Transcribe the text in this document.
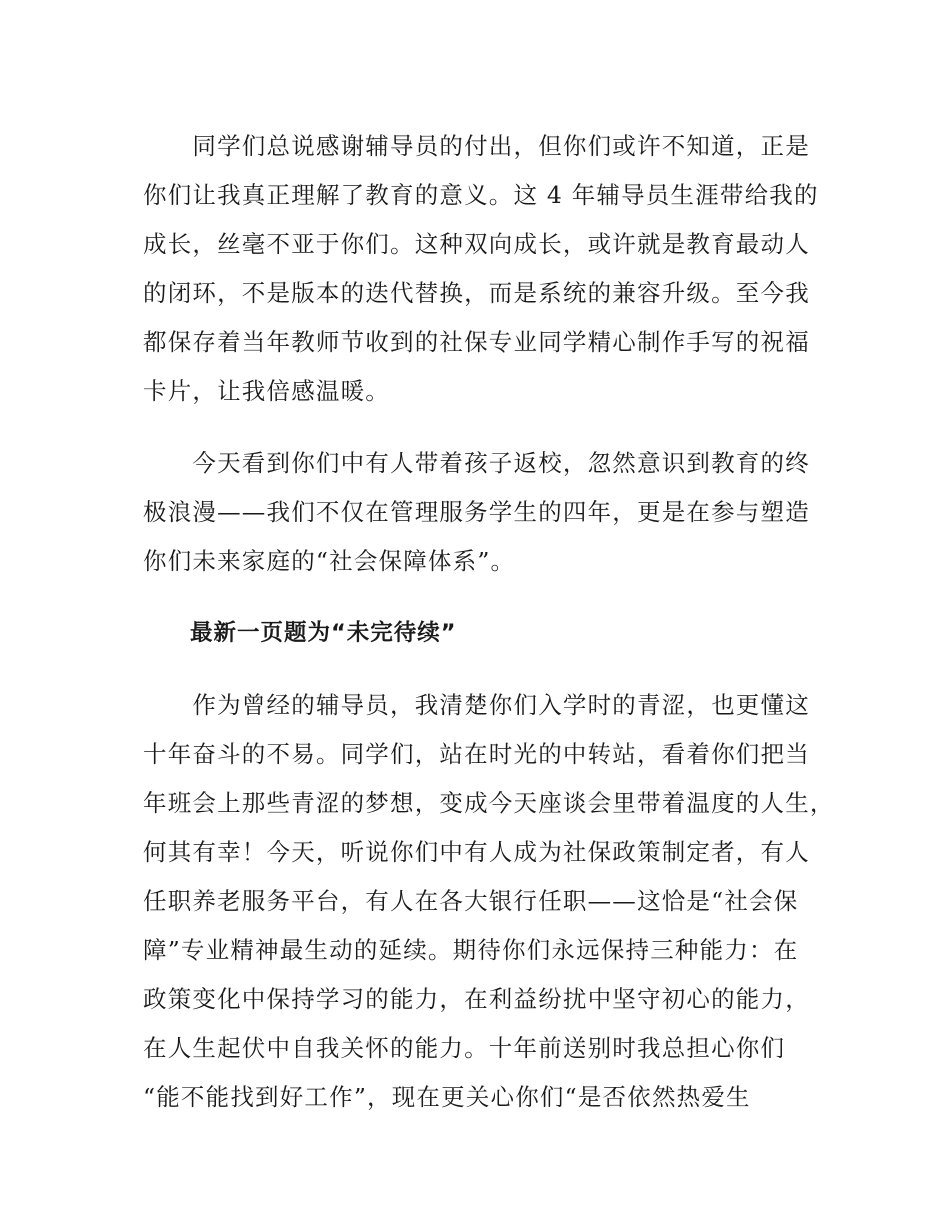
　　同学们总说感谢辅导员的付出，但你们或许不知道，正是
你们让我真正理解了教育的意义。这 4 年辅导员生涯带给我的
成长，丝毫不亚于你们。这种双向成长，或许就是教育最动人
的闭环，不是版本的迭代替换，而是系统的兼容升级。至今我
都保存着当年教师节收到的社保专业同学精心制作手写的祝福
卡片，让我倍感温暖。
　　今天看到你们中有人带着孩子返校，忽然意识到教育的终
极浪漫——我们不仅在管理服务学生的四年，更是在参与塑造
你们未来家庭的“社会保障体系”。
　　最新一页题为“未完待续”
　　作为曾经的辅导员，我清楚你们入学时的青涩，也更懂这
十年奋斗的不易。同学们，站在时光的中转站，看着你们把当
年班会上那些青涩的梦想，变成今天座谈会里带着温度的人生，
何其有幸！今天，听说你们中有人成为社保政策制定者，有人
任职养老服务平台，有人在各大银行任职——这恰是“社会保
障”专业精神最生动的延续。期待你们永远保持三种能力：在
政策变化中保持学习的能力，在利益纷扰中坚守初心的能力，
在人生起伏中自我关怀的能力。十年前送别时我总担心你们
“能不能找到好工作”，现在更关心你们“是否依然热爱生
